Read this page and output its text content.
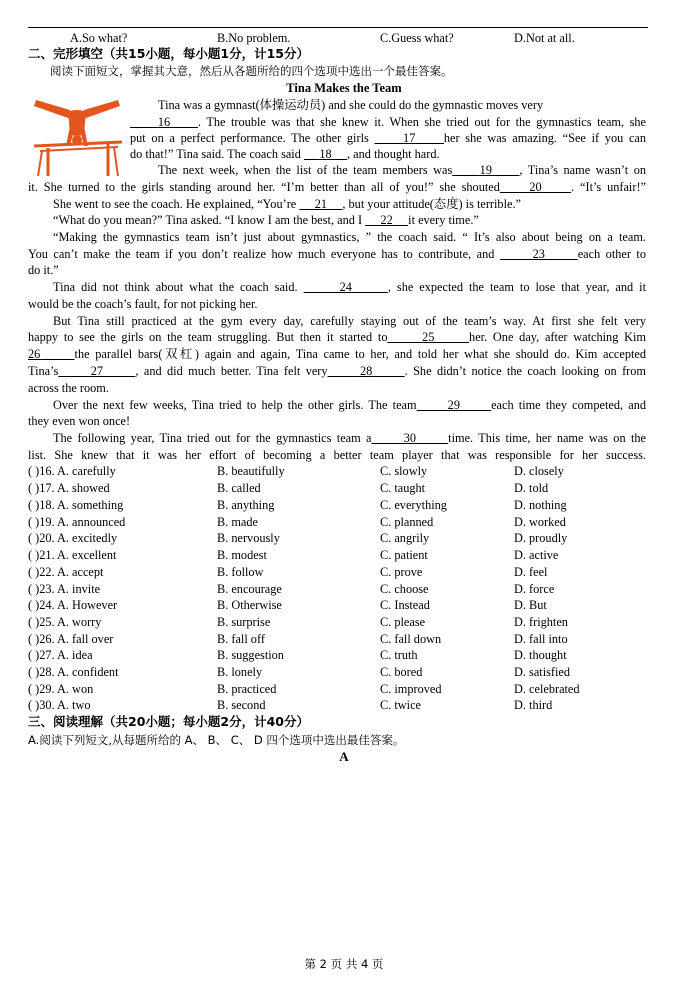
A.So what?	B.No problem.	C.Guess what?	D.Not at all.
二、完形填空（共15小题，每小题1分，计15分）
阅读下面短文，掌握其大意，然后从各题所给的四个选项中选出一个最佳答案。
Tina Makes the Team
Tina was a gymnast(体操运动员) and she could do the gymnastic moves very
16 . The trouble was that she knew it. When she tried out for the gymnastics team, she
put on a perfect performance. The other girls	17 her she was amazing. “See if you can
do that!” Tina said. The coach said 18 , and thought hard.
The next week, when the list of the team members was 19 , Tina’s name wasn’t on
it. She turned to the girls standing around her. “I’m better than all of you!” she shouted 20 . “It’s unfair!”
She went to see the coach. He explained, “You’re 21 , but your attitude(态度) is terrible.”
“What do you mean?” Tina asked. “I know I am the best, and I 22 it every time.”
“Making the gymnastics team isn’t just about gymnastics, ” the coach said. “ It’s also about being on a team.
You can’t make the team if you don’t realize how much everyone has to contribute, and	23	each other to
do it.”
Tina did not think about what the coach said.	24	, she expected the team to lose that year, and it
would be the coach’s fault, for not picking her.
But Tina still practiced at the gym every day, carefully staying out of the team’s way. At first she felt very
happy to see the girls on the team struggling. But then it started to	25	her. One day, after watching Kim
26	the parallel bars(双杠) again and again, Tina came to her, and told her what she should do. Kim accepted
Tina’s	27	, and did much better. Tina felt very	28	. She didn’t notice the coach looking on from
across the room.
Over the next few weeks, Tina tried to help the other girls. The team	29	each time they competed, and
they even won once!
The following year, Tina tried out for the gymnastics team a	30	time. This time, her name was on the
list. She knew that it was her effort of becoming a better team player that was responsible for her success.
( )16. A. carefully	B. beautifully	C. slowly	D. closely
( )17. A. showed	B. called	C. taught	D. told
( )18. A. something	B. anything	C. everything	D. nothing
( )19. A. announced	B. made	C. planned	D. worked
( )20. A. excitedly	B. nervously	C. angrily	D. proudly
( )21. A. excellent	B. modest	C. patient	D. active
( )22. A. accept	B. follow	C. prove	D. feel
( )23. A. invite	B. encourage	C. choose	D. force
( )24. A. However	B. Otherwise	C. Instead	D. But
( )25. A. worry	B. surprise	C. please	D. frighten
( )26. A. fall over	B. fall off	C. fall down	D. fall into
( )27. A. idea	B. suggestion	C. truth	D. thought
( )28. A. confident	B. lonely	C. bored	D. satisfied
( )29. A. won	B. practiced	C. improved	D. celebrated
( )30. A. two	B. second	C. twice	D. third
三、阅读理解（共20小题；每小题2分，计40分）
A.阅读下列短文,从每题所给的 A、 B、 C、 D 四个选项中选出最佳答案。
A
第 2 页 共 4 页
